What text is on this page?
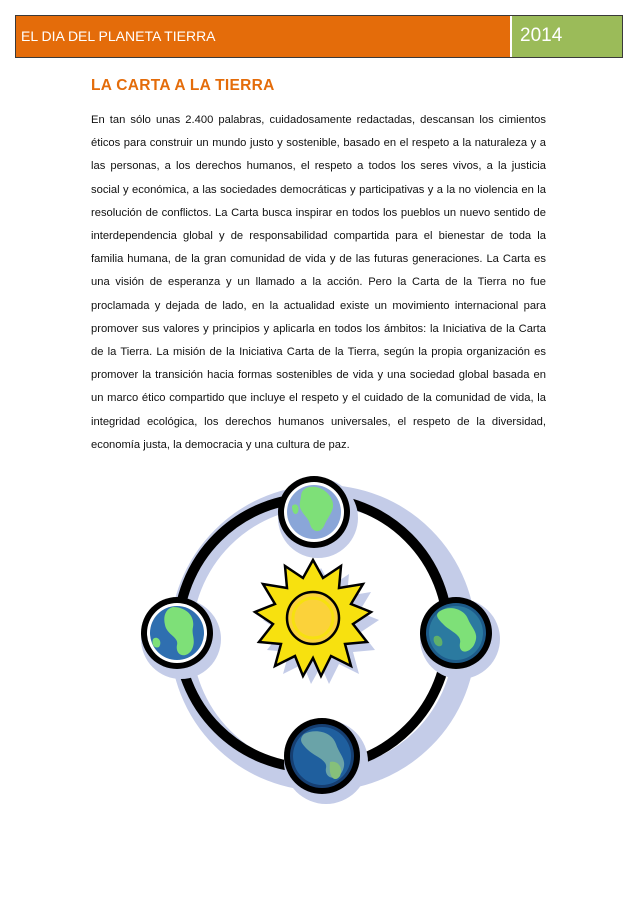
EL DIA DEL PLANETA TIERRA	2014
LA CARTA A LA TIERRA

En tan sólo unas 2.400 palabras, cuidadosamente redactadas, descansan los cimientos éticos para construir un mundo justo y sostenible, basado en el respeto a la naturaleza y a las personas, a los derechos humanos, el respeto a todos los seres vivos, a la justicia social y económica, a las sociedades democráticas y participativas y a la no violencia en la resolución de conflictos. La Carta busca inspirar en todos los pueblos un nuevo sentido de interdependencia global y de responsabilidad compartida para el bienestar de toda la familia humana, de la gran comunidad de vida y de las futuras generaciones. La Carta es una visión de esperanza y un llamado a la acción. Pero la Carta de la Tierra no fue proclamada y dejada de lado, en la actualidad existe un movimiento internacional para promover sus valores y principios y aplicarla en todos los ámbitos: la Iniciativa de la Carta de la Tierra. La misión de la Iniciativa Carta de la Tierra, según la propia organización es promover la transición hacia formas sostenibles de vida y una sociedad global basada en un marco ético compartido que incluye el respeto y el cuidado de la comunidad de vida, la integridad ecológica, los derechos humanos universales, el respeto de la diversidad, economía justa, la democracia y una cultura de paz.
